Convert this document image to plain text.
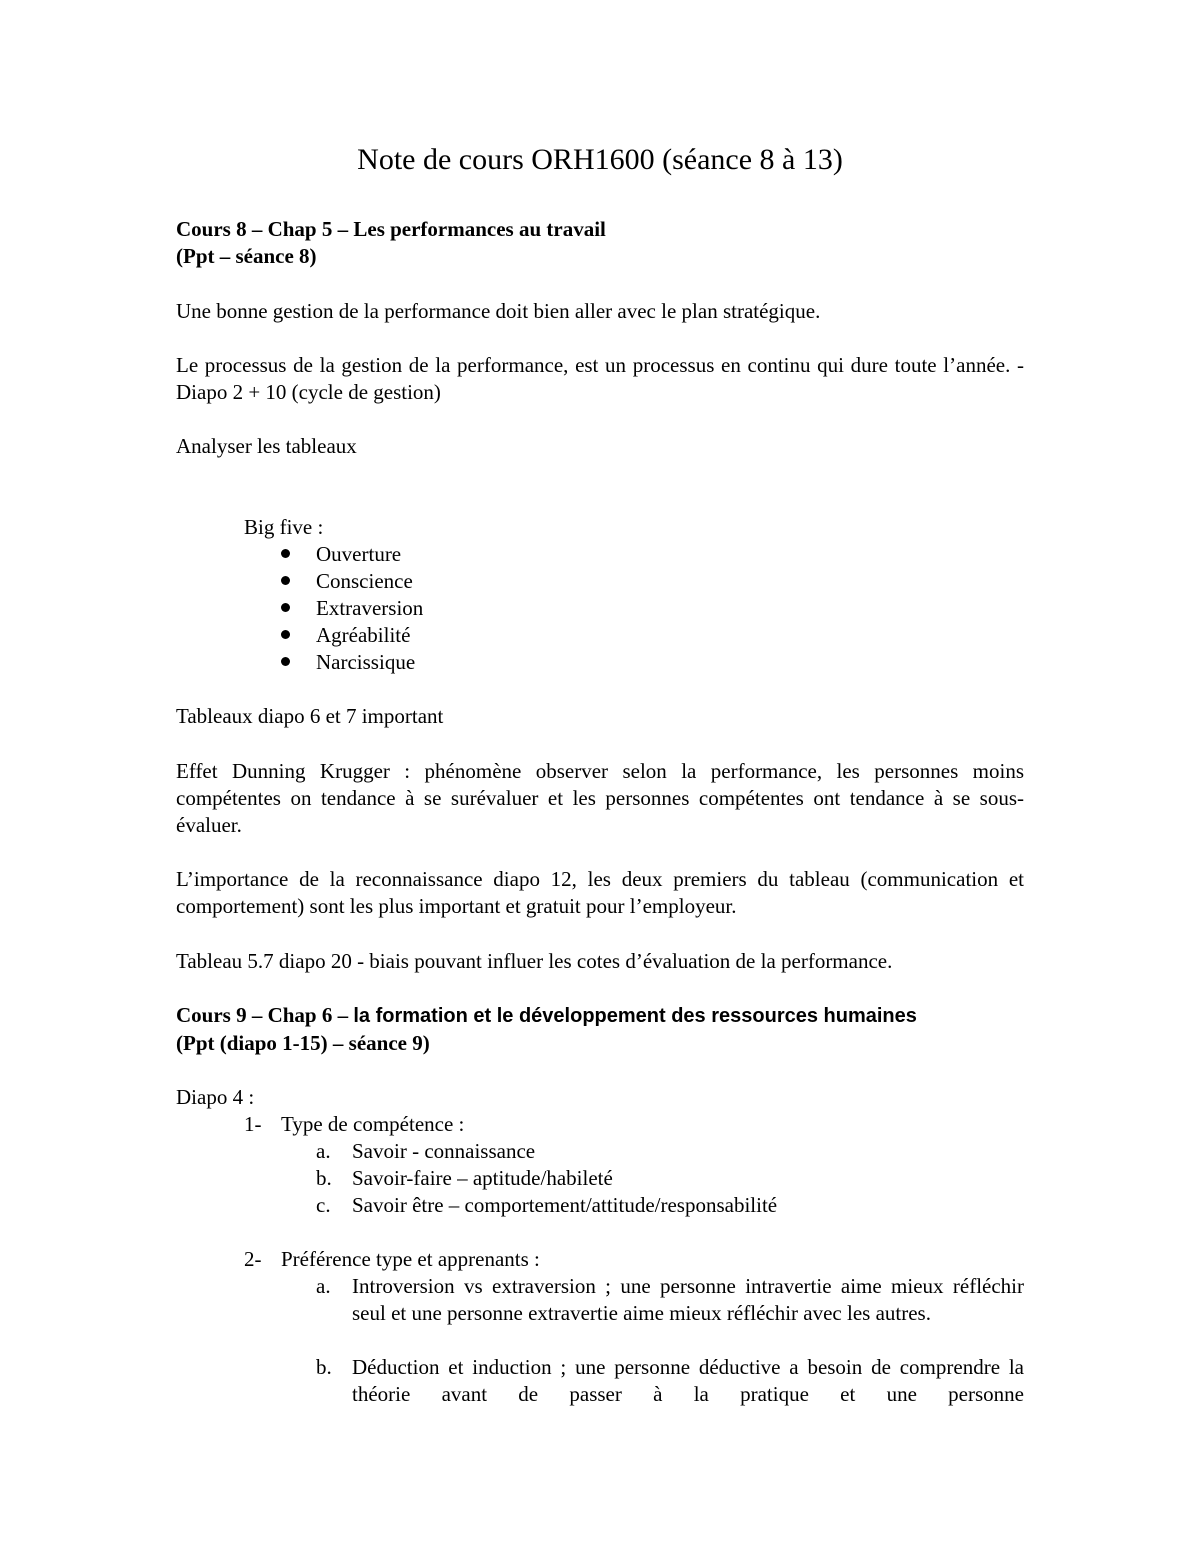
Note de cours ORH1600 (séance 8 à 13)
Cours 8 – Chap 5 – Les performances au travail
(Ppt – séance 8)

Une bonne gestion de la performance doit bien aller avec le plan stratégique.

Le processus de la gestion de la performance, est un processus en continu qui dure toute l’année. - Diapo 2 + 10 (cycle de gestion)

Analyser les tableaux

Big five :
Ouverture
Conscience
Extraversion
Agréabilité
Narcissique

Tableaux diapo 6 et 7 important

Effet Dunning Krugger : phénomène observer selon la performance, les personnes moins compétentes on tendance à se surévaluer et les personnes compétentes ont tendance à se sous-évaluer.

L’importance de la reconnaissance diapo 12, les deux premiers du tableau (communication et comportement) sont les plus important et gratuit pour l’employeur.

Tableau 5.7 diapo 20 - biais pouvant influer les cotes d’évaluation de la performance.

Cours 9 – Chap 6 – la formation et le développement des ressources humaines
(Ppt (diapo 1-15) – séance 9)
Diapo 4 :
1- Type de compétence :
a. Savoir - connaissance
b. Savoir-faire – aptitude/habileté
c. Savoir être – comportement/attitude/responsabilité
2- Préférence type et apprenants :
a. Introversion vs extraversion ; une personne intravertie aime mieux réfléchir seul et une personne extravertie aime mieux réfléchir avec les autres.
b. Déduction et induction ; une personne déductive a besoin de comprendre la théorie avant de passer à la pratique et une personne
